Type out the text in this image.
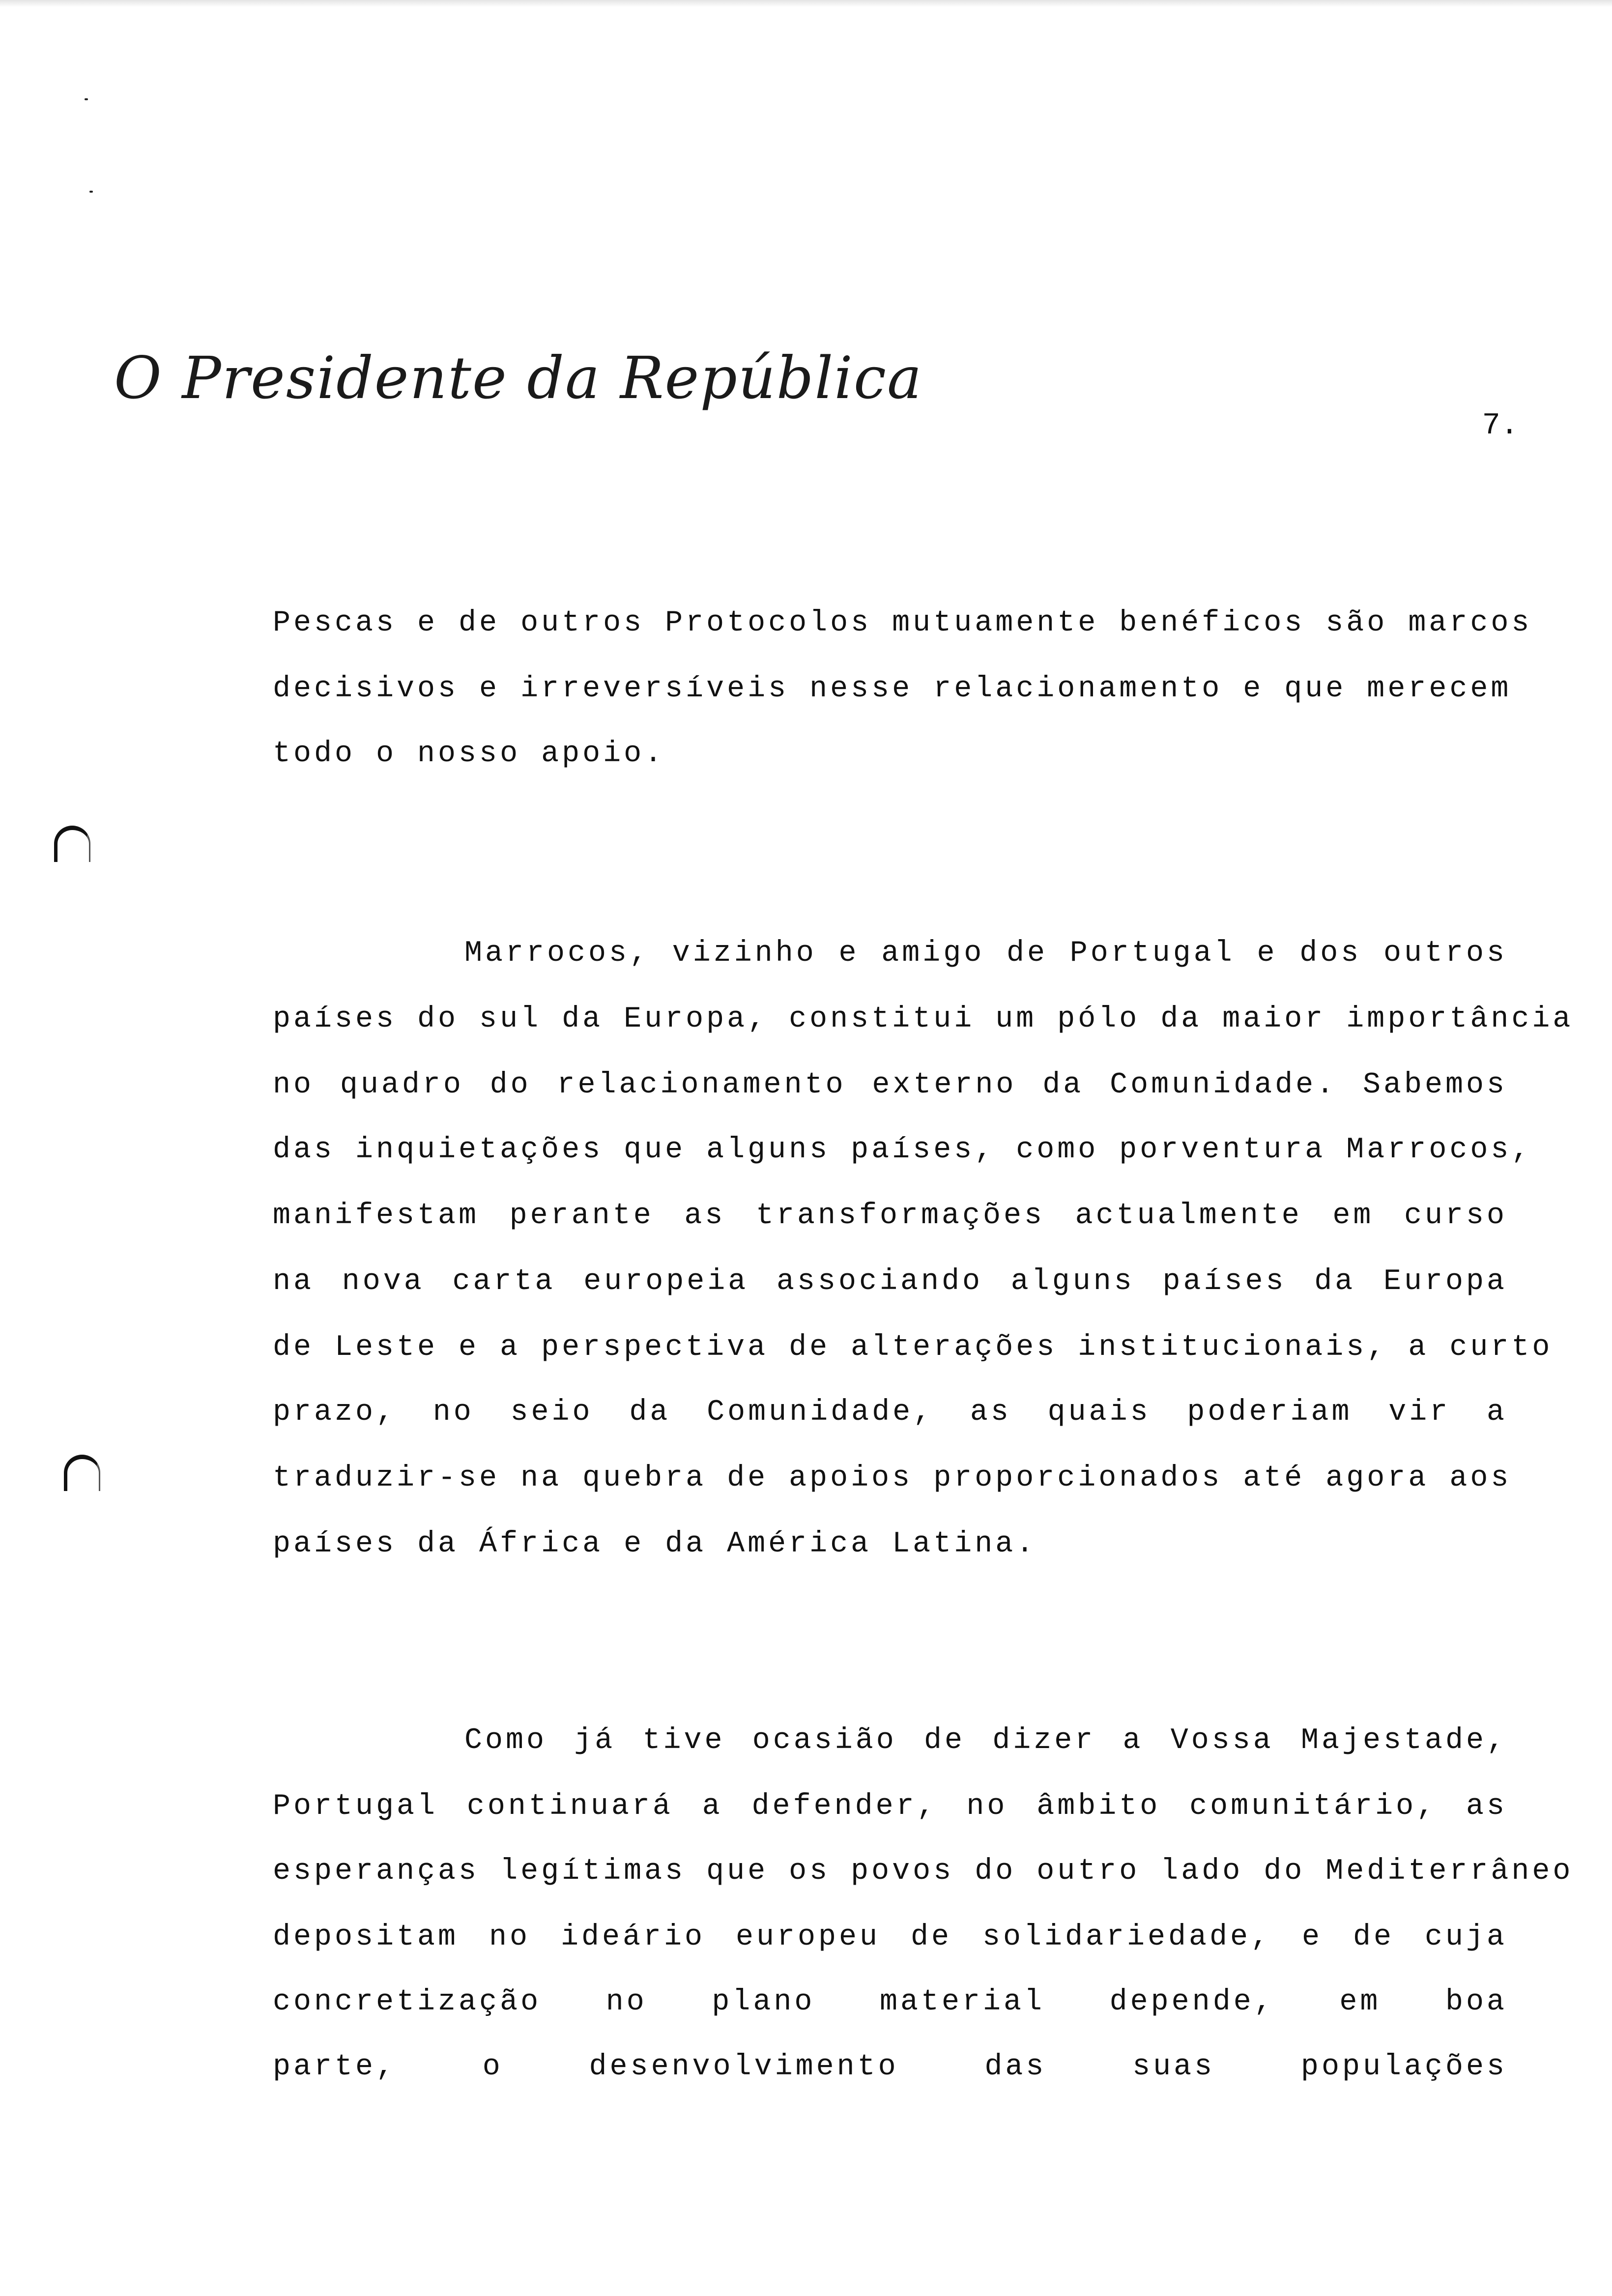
O Presidente da República
7.
Pescas e de outros Protocolos mutuamente benéficos são marcos
decisivos e irreversíveis nesse relacionamento e que merecem
todo o nosso apoio.
Marrocos, vizinho e amigo de Portugal e dos outros
países do sul da Europa, constitui um pólo da maior importância
no quadro do relacionamento externo da Comunidade. Sabemos
das inquietações que alguns países, como porventura Marrocos,
manifestam perante as transformações actualmente em curso
na nova carta europeia associando alguns países da Europa
de Leste e a perspectiva de alterações institucionais, a curto
prazo, no seio da Comunidade, as quais poderiam vir a
traduzir-se na quebra de apoios proporcionados até agora aos
países da África e da América Latina.
Como já tive ocasião de dizer a Vossa Majestade,
Portugal continuará a defender, no âmbito comunitário, as
esperanças legítimas que os povos do outro lado do Mediterrâneo
depositam no ideário europeu de solidariedade, e de cuja
concretização no plano material depende, em boa
parte, o desenvolvimento das suas populações
